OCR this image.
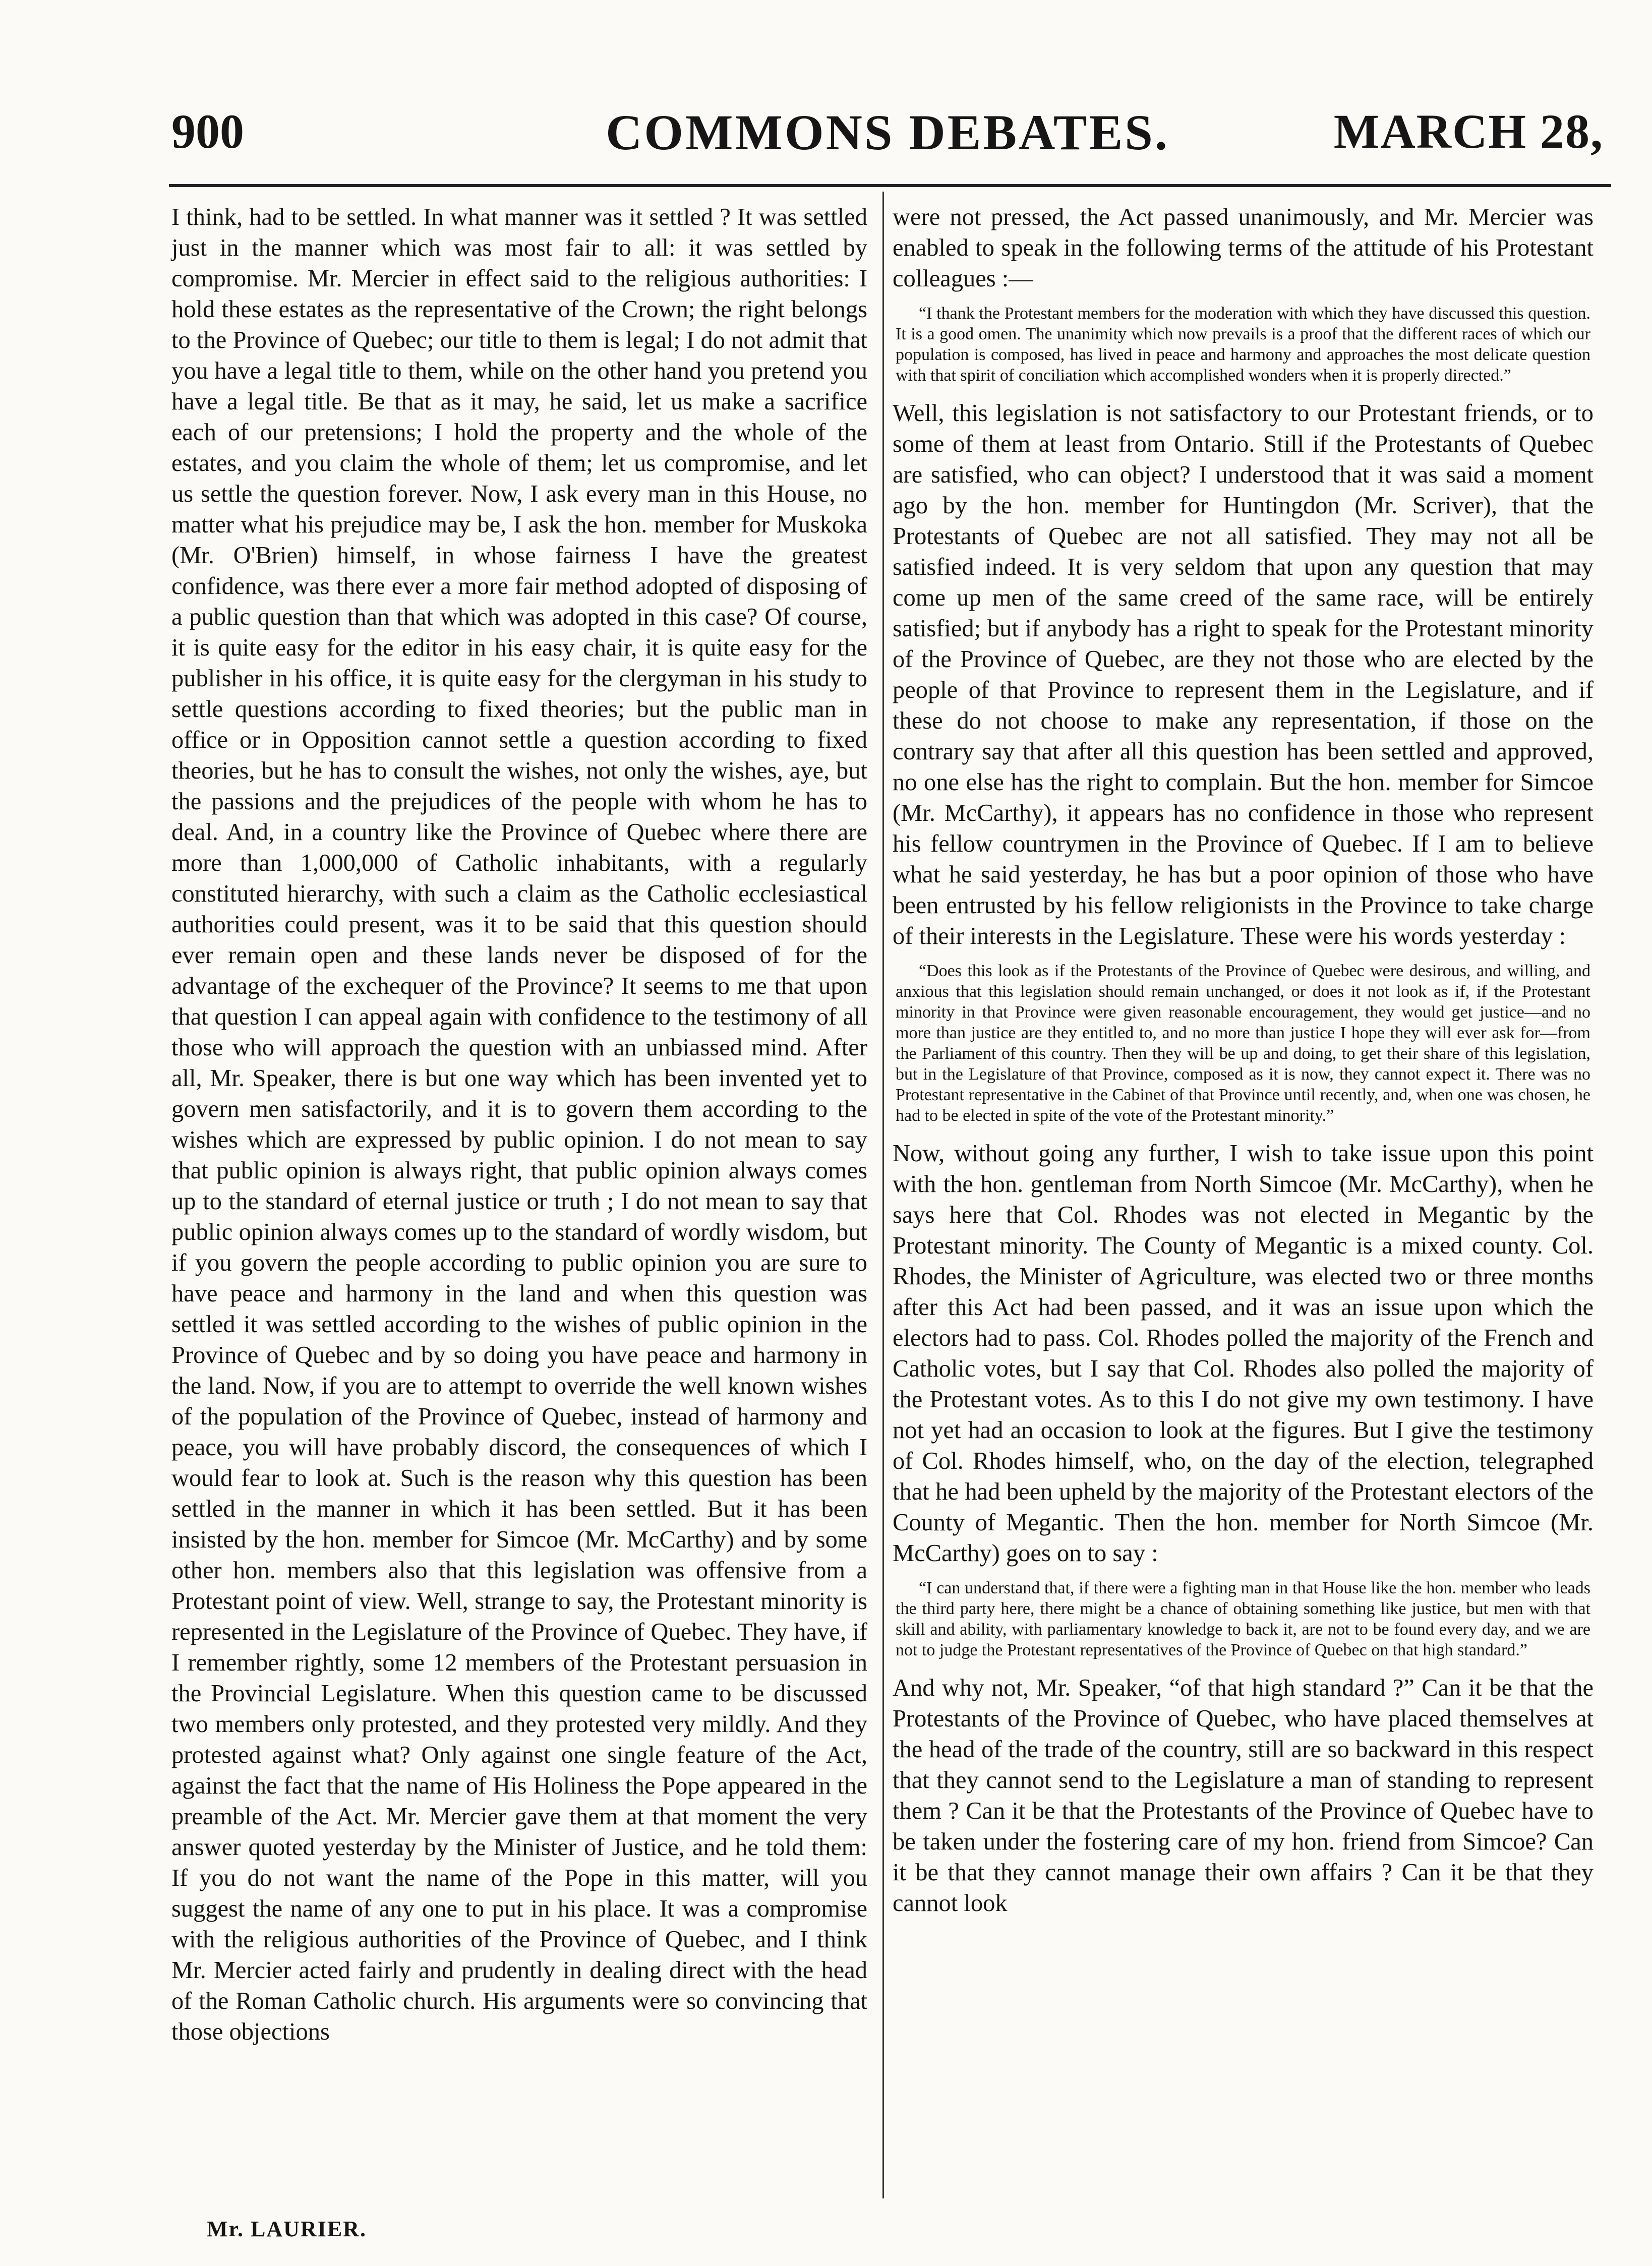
900	COMMONS DEBATES.	MARCH 28,

I think, had to be settled. In what manner was it settled ? It was settled just in the manner which was most fair to all: it was settled by compromise. Mr. Mercier in effect said to the religious authorities: I hold these estates as the representative of the Crown; the right belongs to the Province of Quebec; our title to them is legal; I do not admit that you have a legal title to them, while on the other hand you pretend you have a legal title. Be that as it may, he said, let us make a sacrifice each of our pretensions; I hold the property and the whole of the estates, and you claim the whole of them; let us compromise, and let us settle the question forever. Now, I ask every man in this House, no matter what his prejudice may be, I ask the hon. member for Muskoka (Mr. O'Brien) himself, in whose fairness I have the greatest confidence, was there ever a more fair method adopted of disposing of a public question than that which was adopted in this case? Of course, it is quite easy for the editor in his easy chair, it is quite easy for the publisher in his office, it is quite easy for the clergyman in his study to settle questions according to fixed theories; but the public man in office or in Opposition cannot settle a question according to fixed theories, but he has to consult the wishes, not only the wishes, aye, but the passions and the prejudices of the people with whom he has to deal. And, in a country like the Province of Quebec where there are more than 1,000,000 of Catholic inhabitants, with a regularly constituted hierarchy, with such a claim as the Catholic ecclesiastical authorities could present, was it to be said that this question should ever remain open and these lands never be disposed of for the advantage of the exchequer of the Province? It seems to me that upon that question I can appeal again with confidence to the testimony of all those who will approach the question with an unbiassed mind. After all, Mr. Speaker, there is but one way which has been invented yet to govern men satisfactorily, and it is to govern them according to the wishes which are expressed by public opinion. I do not mean to say that public opinion is always right, that public opinion always comes up to the standard of eternal justice or truth ; I do not mean to say that public opinion always comes up to the standard of wordly wisdom, but if you govern the people according to public opinion you are sure to have peace and harmony in the land and when this question was settled it was settled according to the wishes of public opinion in the Province of Quebec and by so doing you have peace and harmony in the land. Now, if you are to attempt to override the well known wishes of the population of the Province of Quebec, instead of harmony and peace, you will have probably discord, the consequences of which I would fear to look at. Such is the reason why this question has been settled in the manner in which it has been settled. But it has been insisted by the hon. member for Simcoe (Mr. McCarthy) and by some other hon. members also that this legislation was offensive from a Protestant point of view. Well, strange to say, the Protestant minority is represented in the Legislature of the Province of Quebec. They have, if I remember rightly, some 12 members of the Protestant persuasion in the Provincial Legislature. When this question came to be discussed two members only protested, and they protested very mildly. And they protested against what? Only against one single feature of the Act, against the fact that the name of His Holiness the Pope appeared in the preamble of the Act. Mr. Mercier gave them at that moment the very answer quoted yesterday by the Minister of Justice, and he told them: If you do not want the name of the Pope in this matter, will you suggest the name of any one to put in his place. It was a compromise with the religious authorities of the Province of Quebec, and I think Mr. Mercier acted fairly and prudently in dealing direct with the head of the Roman Catholic church. His arguments were so convincing that those objections

were not pressed, the Act passed unanimously, and Mr. Mercier was enabled to speak in the following terms of the attitude of his Protestant colleagues :—

“I thank the Protestant members for the moderation with which they have discussed this question. It is a good omen. The unanimity which now prevails is a proof that the different races of which our population is composed, has lived in peace and harmony and approaches the most delicate question with that spirit of conciliation which accomplished wonders when it is properly directed.”

Well, this legislation is not satisfactory to our Protestant friends, or to some of them at least from Ontario. Still if the Protestants of Quebec are satisfied, who can object? I understood that it was said a moment ago by the hon. member for Huntingdon (Mr. Scriver), that the Protestants of Quebec are not all satisfied. They may not all be satisfied indeed. It is very seldom that upon any question that may come up men of the same creed of the same race, will be entirely satisfied; but if anybody has a right to speak for the Protestant minority of the Province of Quebec, are they not those who are elected by the people of that Province to represent them in the Legislature, and if these do not choose to make any representation, if those on the contrary say that after all this question has been settled and approved, no one else has the right to complain. But the hon. member for Simcoe (Mr. McCarthy), it appears has no confidence in those who represent his fellow countrymen in the Province of Quebec. If I am to believe what he said yesterday, he has but a poor opinion of those who have been entrusted by his fellow religionists in the Province to take charge of their interests in the Legislature. These were his words yesterday :

“Does this look as if the Protestants of the Province of Quebec were desirous, and willing, and anxious that this legislation should remain unchanged, or does it not look as if, if the Protestant minority in that Province were given reasonable encouragement, they would get justice—and no more than justice are they entitled to, and no more than justice I hope they will ever ask for—from the Parliament of this country. Then they will be up and doing, to get their share of this legislation, but in the Legislature of that Province, composed as it is now, they cannot expect it. There was no Protestant representative in the Cabinet of that Province until recently, and, when one was chosen, he had to be elected in spite of the vote of the Protestant minority.”

Now, without going any further, I wish to take issue upon this point with the hon. gentleman from North Simcoe (Mr. McCarthy), when he says here that Col. Rhodes was not elected in Megantic by the Protestant minority. The County of Megantic is a mixed county. Col. Rhodes, the Minister of Agriculture, was elected two or three months after this Act had been passed, and it was an issue upon which the electors had to pass. Col. Rhodes polled the majority of the French and Catholic votes, but I say that Col. Rhodes also polled the majority of the Protestant votes. As to this I do not give my own testimony. I have not yet had an occasion to look at the figures. But I give the testimony of Col. Rhodes himself, who, on the day of the election, telegraphed that he had been upheld by the majority of the Protestant electors of the County of Megantic. Then the hon. member for North Simcoe (Mr. McCarthy) goes on to say :

“I can understand that, if there were a fighting man in that House like the hon. member who leads the third party here, there might be a chance of obtaining something like justice, but men with that skill and ability, with parliamentary knowledge to back it, are not to be found every day, and we are not to judge the Protestant representatives of the Province of Quebec on that high standard.”

And why not, Mr. Speaker, “of that high standard ?” Can it be that the Protestants of the Province of Quebec, who have placed themselves at the head of the trade of the country, still are so backward in this respect that they cannot send to the Legislature a man of standing to represent them ? Can it be that the Protestants of the Province of Quebec have to be taken under the fostering care of my hon. friend from Simcoe? Can it be that they cannot manage their own affairs ? Can it be that they cannot look

Mr. LAURIER.
